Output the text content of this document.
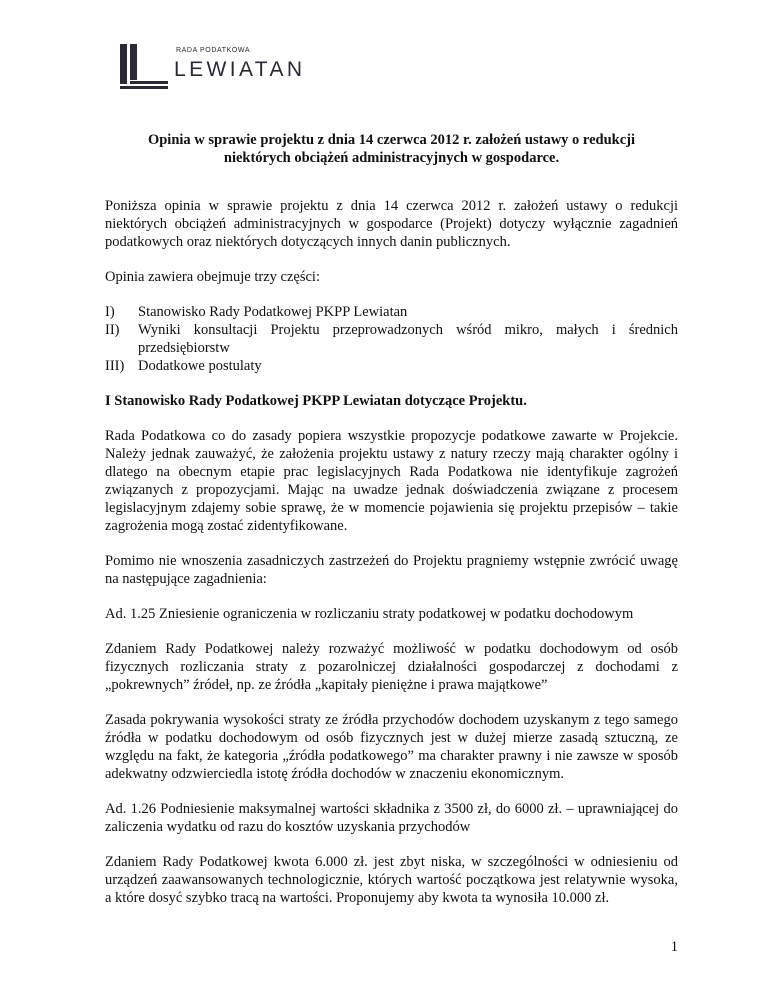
RADA PODATKOWA
LEWIATAN
Opinia w sprawie projektu z dnia 14 czerwca 2012 r. założeń ustawy o redukcji
niektórych obciążeń administracyjnych w gospodarce.

Poniższa opinia w sprawie projektu z dnia 14 czerwca 2012 r. założeń ustawy o redukcji niektórych obciążeń administracyjnych w gospodarce (Projekt) dotyczy wyłącznie zagadnień podatkowych oraz niektórych dotyczących innych danin publicznych.

Opinia zawiera obejmuje trzy części:

I) Stanowisko Rady Podatkowej PKPP Lewiatan
II) Wyniki konsultacji Projektu przeprowadzonych wśród mikro, małych i średnich przedsiębiorstw
III) Dodatkowe postulaty
I Stanowisko Rady Podatkowej PKPP Lewiatan dotyczące Projektu.

Rada Podatkowa co do zasady popiera wszystkie propozycje podatkowe zawarte w Projekcie. Należy jednak zauważyć, że założenia projektu ustawy z natury rzeczy mają charakter ogólny i dlatego na obecnym etapie prac legislacyjnych Rada Podatkowa nie identyfikuje zagrożeń związanych z propozycjami. Mając na uwadze jednak doświadczenia związane z procesem legislacyjnym zdajemy sobie sprawę, że w momencie pojawienia się projektu przepisów – takie zagrożenia mogą zostać zidentyfikowane.

Pomimo nie wnoszenia zasadniczych zastrzeżeń do Projektu pragniemy wstępnie zwrócić uwagę na następujące zagadnienia:

Ad. 1.25 Zniesienie ograniczenia w rozliczaniu straty podatkowej w podatku dochodowym

Zdaniem Rady Podatkowej należy rozważyć możliwość w podatku dochodowym od osób fizycznych rozliczania straty z pozarolniczej działalności gospodarczej z dochodami z „pokrewnych” źródeł, np. ze źródła „kapitały pieniężne i prawa majątkowe”

Zasada pokrywania wysokości straty ze źródła przychodów dochodem uzyskanym z tego samego źródła w podatku dochodowym od osób fizycznych jest w dużej mierze zasadą sztuczną, ze względu na fakt, że kategoria „źródła podatkowego” ma charakter prawny i nie zawsze w sposób adekwatny odzwierciedla istotę źródła dochodów w znaczeniu ekonomicznym.

Ad. 1.26 Podniesienie maksymalnej wartości składnika z 3500 zł, do 6000 zł. – uprawniającej do zaliczenia wydatku od razu do kosztów uzyskania przychodów

Zdaniem Rady Podatkowej kwota 6.000 zł. jest zbyt niska, w szczególności w odniesieniu od urządzeń zaawansowanych technologicznie, których wartość początkowa jest relatywnie wysoka, a które dosyć szybko tracą na wartości. Proponujemy aby kwota ta wynosiła 10.000 zł.

1
